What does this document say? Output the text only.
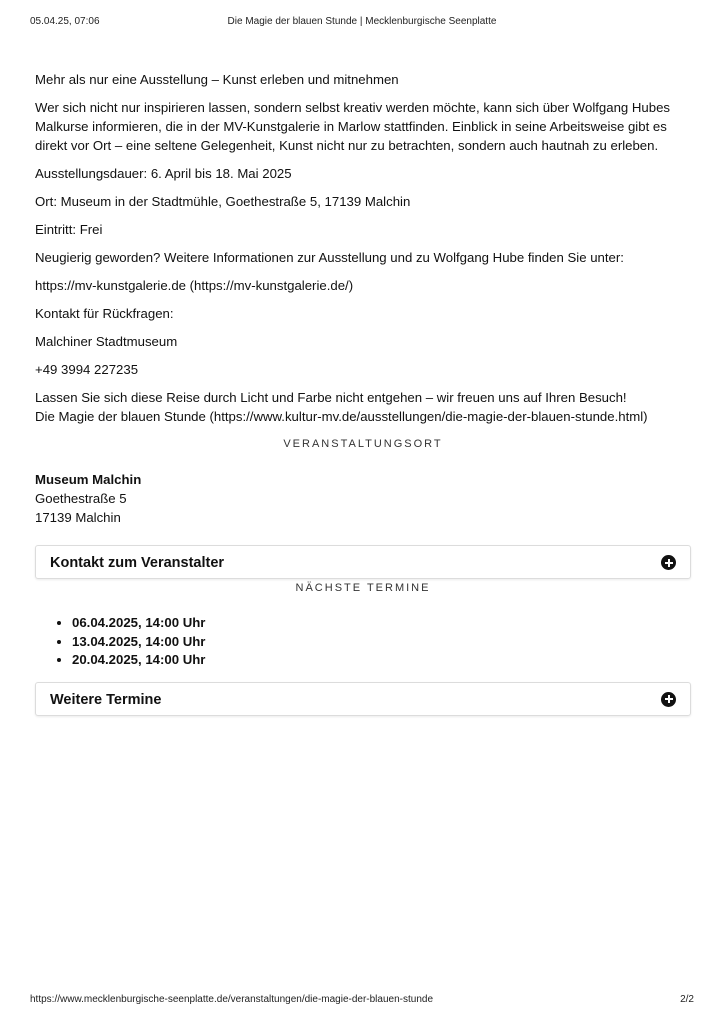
05.04.25, 07:06	Die Magie der blauen Stunde | Mecklenburgische Seenplatte

Mehr als nur eine Ausstellung – Kunst erleben und mitnehmen

Wer sich nicht nur inspirieren lassen, sondern selbst kreativ werden möchte, kann sich über Wolfgang Hubes Malkurse informieren, die in der MV-Kunstgalerie in Marlow stattfinden. Einblick in seine Arbeitsweise gibt es direkt vor Ort – eine seltene Gelegenheit, Kunst nicht nur zu betrachten, sondern auch hautnah zu erleben.

Ausstellungsdauer: 6. April bis 18. Mai 2025

Ort: Museum in der Stadtmühle, Goethestraße 5, 17139 Malchin

Eintritt: Frei

Neugierig geworden? Weitere Informationen zur Ausstellung und zu Wolfgang Hube finden Sie unter:

https://mv-kunstgalerie.de (https://mv-kunstgalerie.de/)

Kontakt für Rückfragen:

Malchiner Stadtmuseum

+49 3994 227235

Lassen Sie sich diese Reise durch Licht und Farbe nicht entgehen – wir freuen uns auf Ihren Besuch!

Die Magie der blauen Stunde (https://www.kultur-mv.de/ausstellungen/die-magie-der-blauen-stunde.html)

VERANSTALTUNGSORT

Museum Malchin
Goethestraße 5
17139 Malchin
Kontakt zum Veranstalter

NÄCHSTE TERMINE

• 06.04.2025, 14:00 Uhr
• 13.04.2025, 14:00 Uhr
• 20.04.2025, 14:00 Uhr
Weitere Termine
https://www.mecklenburgische-seenplatte.de/veranstaltungen/die-magie-der-blauen-stunde	2/2
